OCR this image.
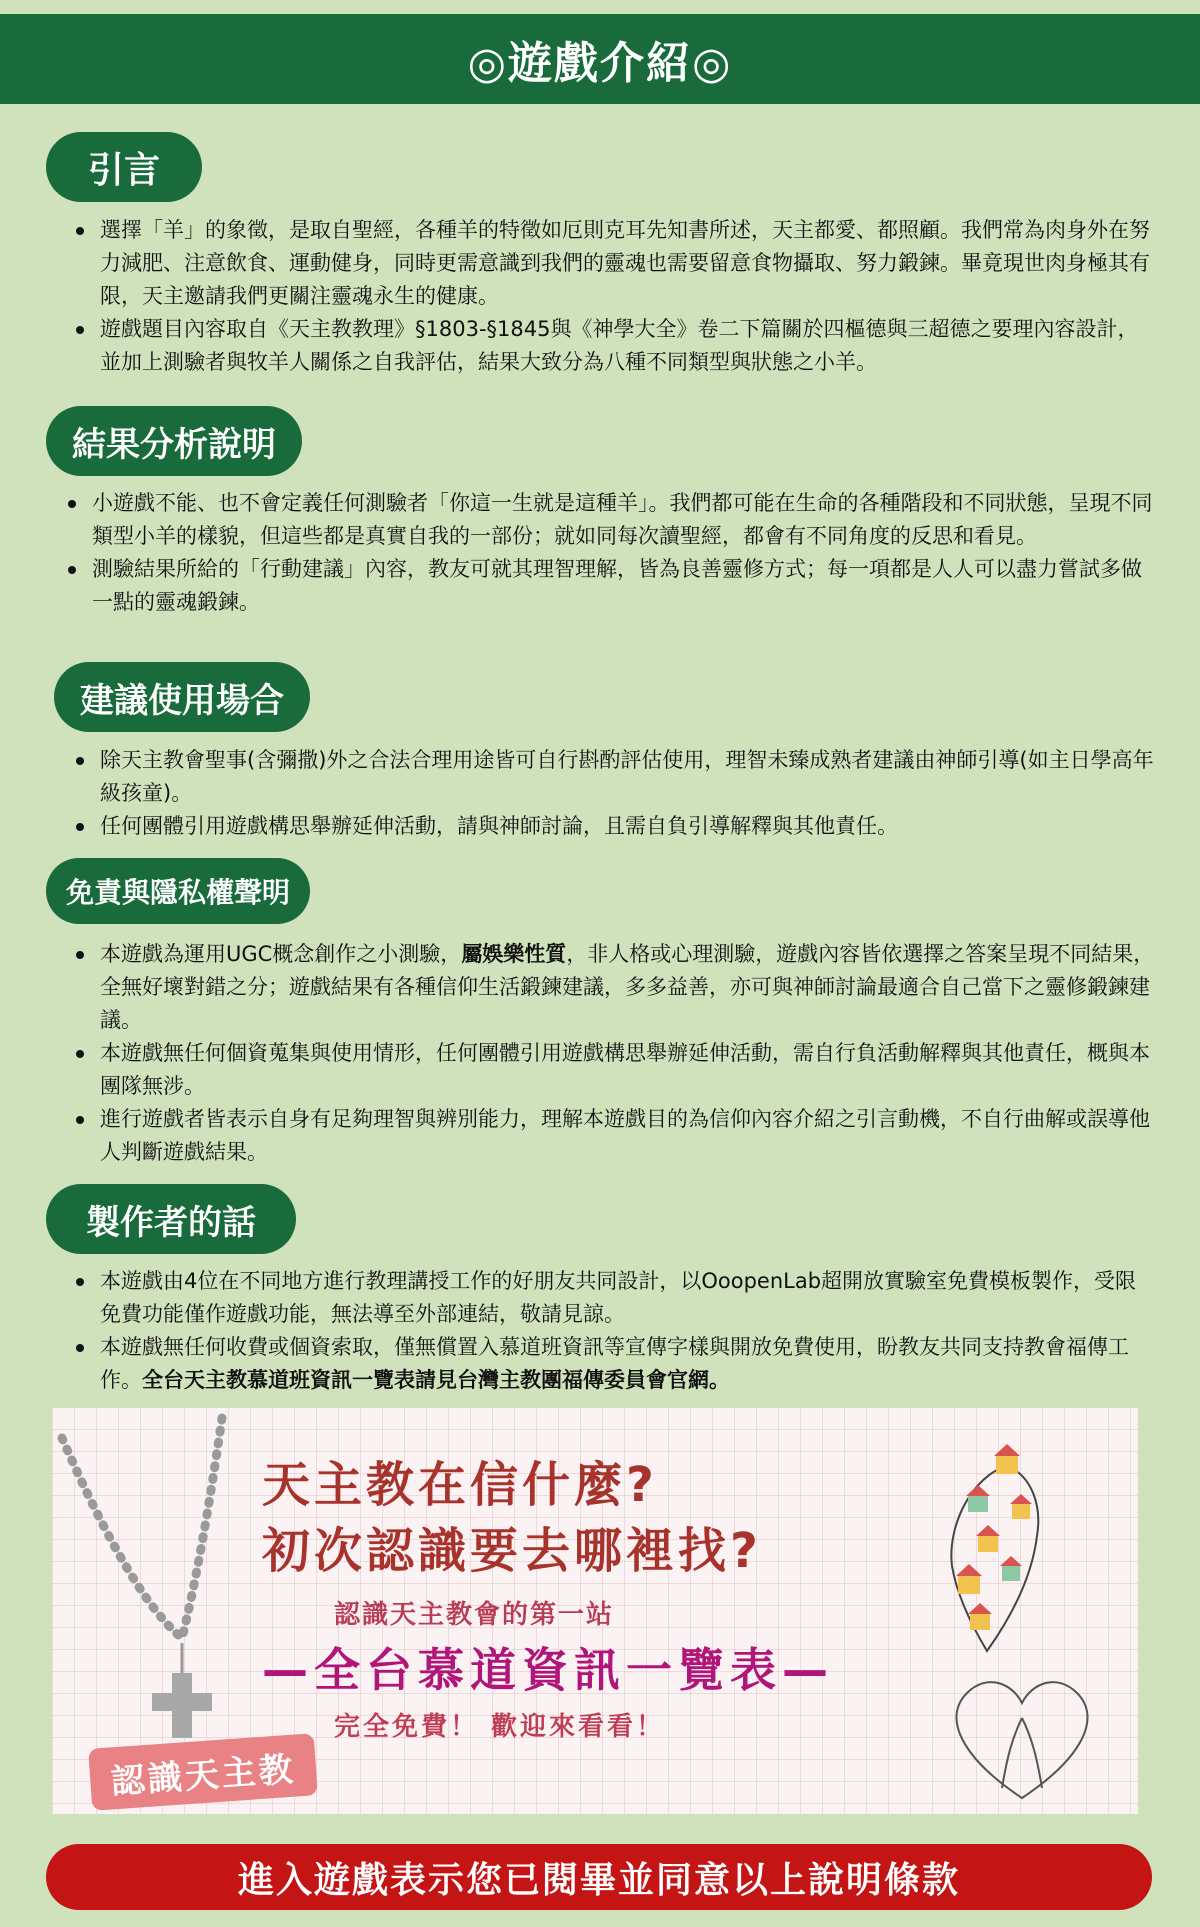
◎遊戲介紹◎
引言
選擇「羊」的象徵，是取自聖經，各種羊的特徵如厄則克耳先知書所述，天主都愛、都照顧。我們常為肉身外在努力減肥、注意飲食、運動健身，同時更需意識到我們的靈魂也需要留意食物攝取、努力鍛鍊。畢竟現世肉身極其有限，天主邀請我們更關注靈魂永生的健康。
遊戲題目內容取自《天主教教理》§1803-§1845與《神學大全》卷二下篇關於四樞德與三超德之要理內容設計，並加上測驗者與牧羊人關係之自我評估，結果大致分為八種不同類型與狀態之小羊。
結果分析說明
小遊戲不能、也不會定義任何測驗者「你這一生就是這種羊」。我們都可能在生命的各種階段和不同狀態，呈現不同類型小羊的樣貌，但這些都是真實自我的一部份；就如同每次讀聖經，都會有不同角度的反思和看見。
測驗結果所給的「行動建議」內容，教友可就其理智理解，皆為良善靈修方式；每一項都是人人可以盡力嘗試多做一點的靈魂鍛鍊。
建議使用場合
除天主教會聖事(含彌撒)外之合法合理用途皆可自行斟酌評估使用，理智未臻成熟者建議由神師引導(如主日學高年級孩童)。
任何團體引用遊戲構思舉辦延伸活動，請與神師討論，且需自負引導解釋與其他責任。
免責與隱私權聲明
本遊戲為運用UGC概念創作之小測驗，屬娛樂性質，非人格或心理測驗，遊戲內容皆依選擇之答案呈現不同結果，全無好壞對錯之分；遊戲結果有各種信仰生活鍛鍊建議，多多益善，亦可與神師討論最適合自己當下之靈修鍛鍊建議。
本遊戲無任何個資蒐集與使用情形，任何團體引用遊戲構思舉辦延伸活動，需自行負活動解釋與其他責任，概與本團隊無涉。
進行遊戲者皆表示自身有足夠理智與辨別能力，理解本遊戲目的為信仰內容介紹之引言動機，不自行曲解或誤導他人判斷遊戲結果。
製作者的話
本遊戲由4位在不同地方進行教理講授工作的好朋友共同設計，以OoopenLab超開放實驗室免費模板製作，受限免費功能僅作遊戲功能，無法導至外部連結，敬請見諒。
本遊戲無任何收費或個資索取，僅無償置入慕道班資訊等宣傳字樣與開放免費使用，盼教友共同支持教會福傳工作。全台天主教慕道班資訊一覽表請見台灣主教團福傳委員會官網。
天主教在信什麼?
初次認識要去哪裡找?
認識天主教會的第一站
—全台慕道資訊一覽表—
完全免費！ 歡迎來看看！
認識天主教
進入遊戲表示您已閱畢並同意以上說明條款
